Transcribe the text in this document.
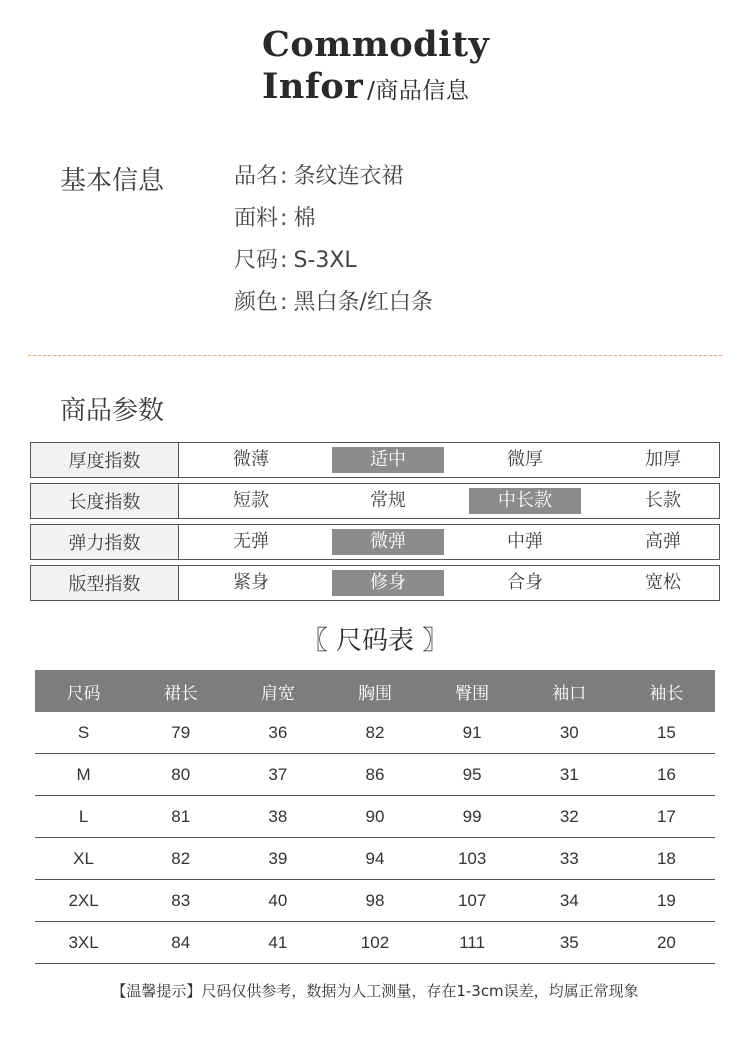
Commodity
Infor /商品信息
基本信息	品名: 条纹连衣裙
面料: 棉
尺码: S-3XL
颜色: 黑白条/红白条
商品参数
厚度指数	微薄	适中	微厚	加厚
长度指数	短款	常规	中长款	长款
弹力指数	无弹	微弹	中弹	高弹
版型指数	紧身	修身	合身	宽松
〖 尺码表 〗
尺码	裙长	肩宽	胸围	臀围	袖口	袖长
S	79	36	82	91	30	15
M	80	37	86	95	31	16
L	81	38	90	99	32	17
XL	82	39	94	103	33	18
2XL	83	40	98	107	34	19
3XL	84	41	102	111	35	20
【温馨提示】尺码仅供参考，数据为人工测量，存在1-3cm误差，均属正常现象
